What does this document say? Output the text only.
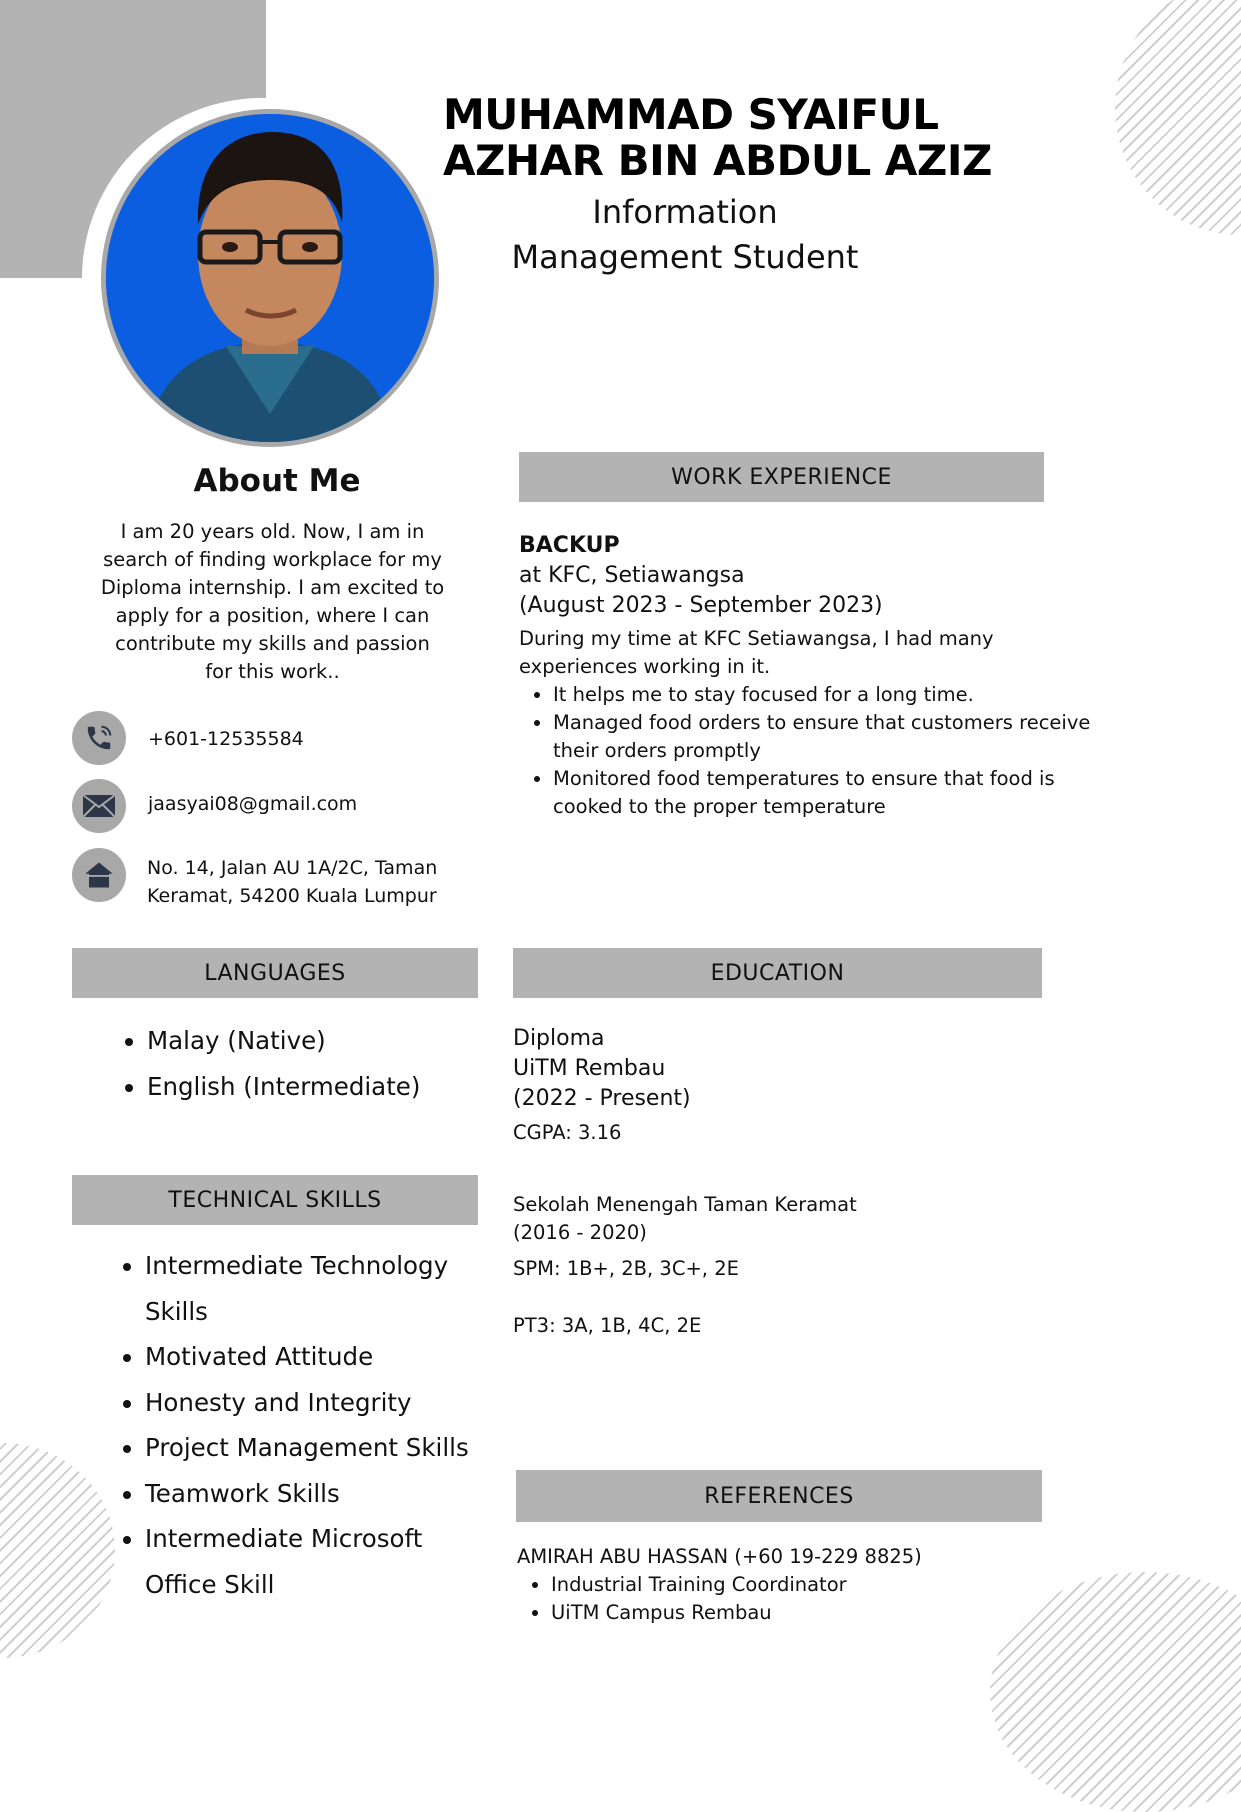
MUHAMMAD SYAIFUL
AZHAR BIN ABDUL AZIZ

Information
Management Student

About Me

I am 20 years old. Now, I am in search of finding workplace for my Diploma internship. I am excited to apply for a position, where I can contribute my skills and passion for this work..

+601-12535584
jaasyai08@gmail.com
No. 14, Jalan AU 1A/2C, Taman
Keramat, 54200 Kuala Lumpur
WORK EXPERIENCE
BACKUP
at KFC, Setiawangsa
(August 2023 - September 2023)
During my time at KFC Setiawangsa, I had many experiences working in it.
• It helps me to stay focused for a long time.
• Managed food orders to ensure that customers receive their orders promptly
• Monitored food temperatures to ensure that food is cooked to the proper temperature
LANGUAGES
• Malay (Native)
• English (Intermediate)
EDUCATION
Diploma
UiTM Rembau
(2022 - Present)
CGPA: 3.16
Sekolah Menengah Taman Keramat
(2016 - 2020)
SPM: 1B+, 2B, 3C+, 2E
PT3: 3A, 1B, 4C, 2E
TECHNICAL SKILLS
• Intermediate Technology Skills
• Motivated Attitude
• Honesty and Integrity
• Project Management Skills
• Teamwork Skills
• Intermediate Microsoft Office Skill
REFERENCES
AMIRAH ABU HASSAN (+60 19-229 8825)
• Industrial Training Coordinator
• UiTM Campus Rembau
